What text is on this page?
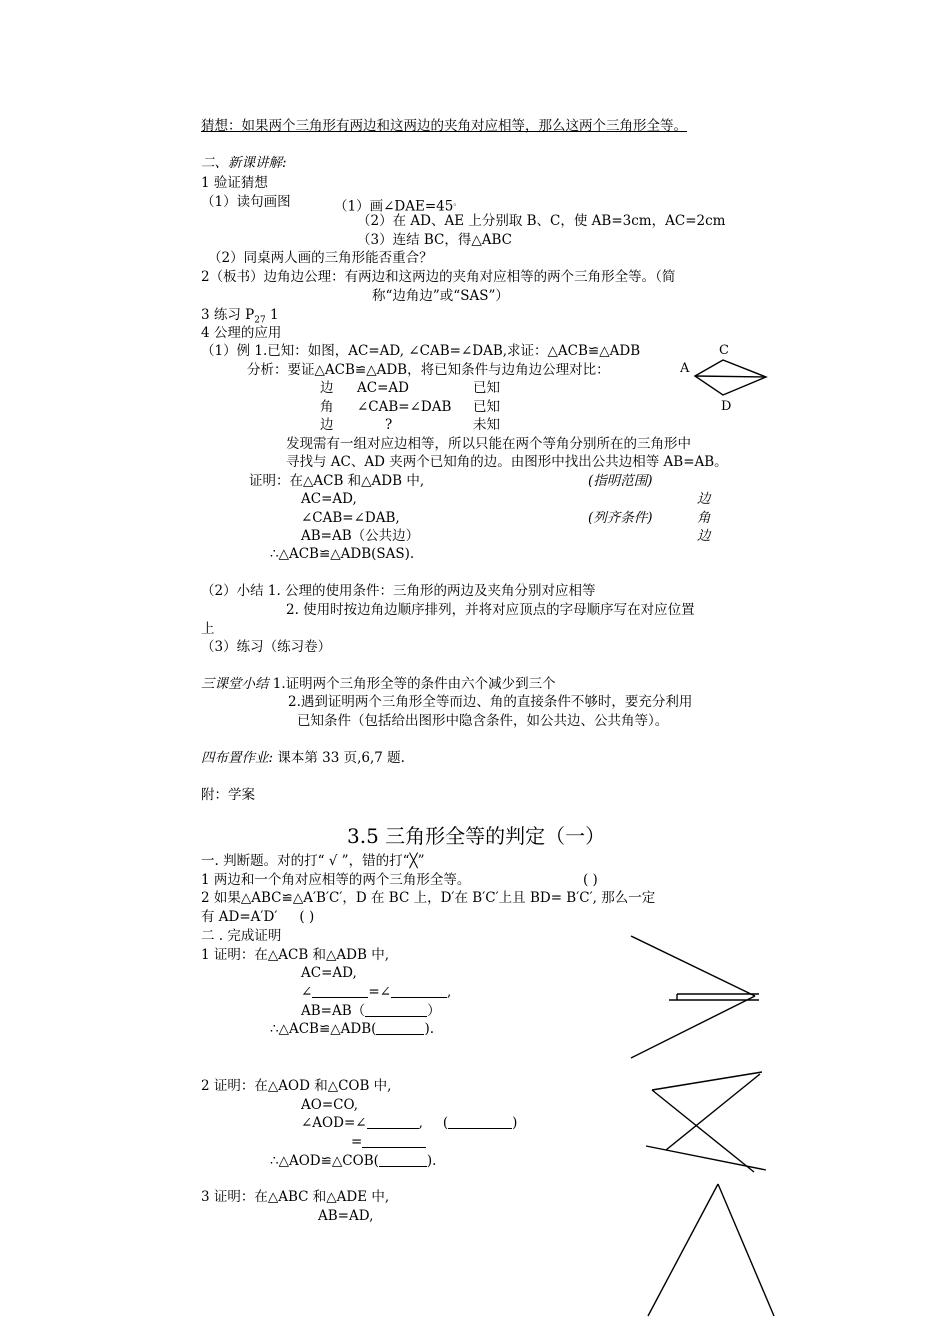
猜想：如果两个三角形有两边和这两边的夹角对应相等，那么这两个三角形全等。
二、新课讲解:
1 验证猜想
（1）读句画图	（1）画∠DAE=45。
（2）在 AD、AE 上分别取 B、C，使 AB=3cm，AC=2cm
（3）连结 BC，得△ABC
（2）同桌两人画的三角形能否重合？
2（板书）边角边公理：有两边和这两边的夹角对应相等的两个三角形全等。（简
称“边角边”或“SAS”）
3 练习 $P_{27}$ 1
4 公理的应用
（1）例 1.已知：如图，AC=AD, ∠CAB=∠DAB,求证：△ACB≌△ADB
分析：要证△ACB≌△ADB，将已知条件与边角边公理对比：
边 AC=AD	已知
角 ∠CAB=∠DAB 已知
边	?	未知
C
A
D
发现需有一组对应边相等，所以只能在两个等角分别所在的三角形中
寻找与 AC、AD 夹两个已知角的边。由图形中找出公共边相等 AB=AB。
证明：在△ACB 和△ADB 中,	(指明范围)
AC=AD,	边
∠CAB=∠DAB,	(列齐条件)	角
AB=AB（公共边）	边
∴△ACB≌△ADB(SAS).
（2）小结 1. 公理的使用条件：三角形的两边及夹角分别对应相等
2. 使用时按边角边顺序排列，并将对应顶点的字母顺序写在对应位置
上
（3）练习（练习卷）
三课堂小结 1.证明两个三角形全等的条件由六个减少到三个
2.遇到证明两个三角形全等而边、角的直接条件不够时，要充分利用
已知条件（包括给出图形中隐含条件，如公共边、公共角等）。
四布置作业: 课本第 33 页,6,7 题.
附：学案
3.5 三角形全等的判定（一）
一. 判断题。对的打“ √ ”，错的打“╳”
1 两边和一个角对应相等的两个三角形全等。	( )
2 如果△ABC≌△A′B′C′，D 在 BC 上，D′在 B′C′上且 BD= B′C′, 那么一定
有 AD=A′D′ ( )
二 . 完成证明
1 证明：在△ACB 和△ADB 中,
AC=AD,
∠	=∠	,
AB=AB（	）
∴△ACB≌△ADB(	).
2 证明：在△AOD 和△COB 中,
AO=CO,
∠AOD=∠	, (	)
=
∴△AOD≌△COB(	).
3 证明：在△ABC 和△ADE 中,
AB=AD,
